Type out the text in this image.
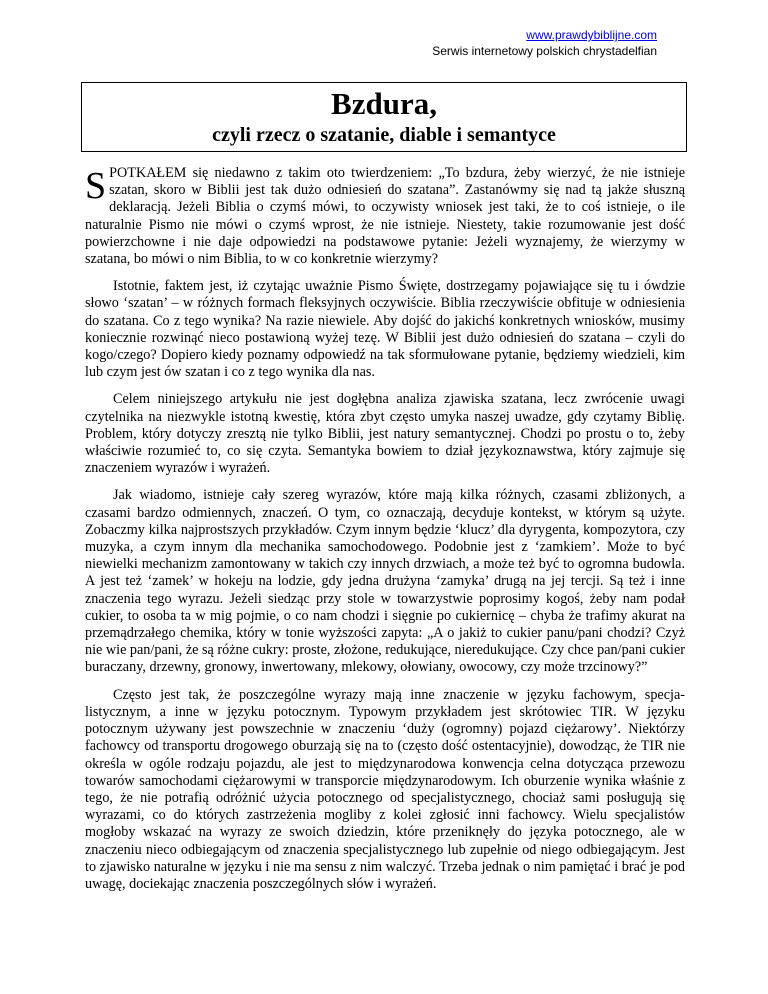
www.prawdybiblijne.com
Serwis internetowy polskich chrystadelfian
Bzdura,
czyli rzecz o szatanie, diable i semantyce

SPOTKAŁEM się niedawno z takim oto twierdzeniem: „To bzdura, żeby wierzyć, że nie istnieje szatan, skoro w Biblii jest tak dużo odniesień do szatana”. Zastanówmy się nad tą jakże słuszną deklaracją. Jeżeli Biblia o czymś mówi, to oczywisty wniosek jest taki, że to coś istnieje, o ile naturalnie Pismo nie mówi o czymś wprost, że nie istnieje. Niestety, takie rozumowanie jest dość powierzchowne i nie daje odpowiedzi na podstawowe pytanie: Jeżeli wyznajemy, że wierzymy w szatana, bo mówi o nim Biblia, to w co konkretnie wierzymy?

Istotnie, faktem jest, iż czytając uważnie Pismo Święte, dostrzegamy pojawiające się tu i ówdzie słowo ‘szatan’ – w różnych formach fleksyjnych oczywiście. Biblia rzeczywiście obfituje w odniesienia do szatana. Co z tego wynika? Na razie niewiele. Aby dojść do jakichś konkretnych wniosków, musimy koniecznie rozwinąć nieco postawioną wyżej tezę. W Biblii jest dużo odniesień do szatana – czyli do kogo/czego? Dopiero kiedy poznamy odpowiedź na tak sformułowane pytanie, będziemy wiedzieli, kim lub czym jest ów szatan i co z tego wynika dla nas.

Celem niniejszego artykułu nie jest dogłębna analiza zjawiska szatana, lecz zwrócenie uwagi czytelnika na niezwykle istotną kwestię, która zbyt często umyka naszej uwadze, gdy czytamy Biblię. Problem, który dotyczy zresztą nie tylko Biblii, jest natury semantycznej. Chodzi po prostu o to, żeby właściwie rozumieć to, co się czyta. Semantyka bowiem to dział językoznawstwa, który zajmuje się znaczeniem wyrazów i wyrażeń.

Jak wiadomo, istnieje cały szereg wyrazów, które mają kilka różnych, czasami zbliżonych, a czasami bardzo odmiennych, znaczeń. O tym, co oznaczają, decyduje kontekst, w którym są użyte. Zobaczmy kilka najprostszych przykładów. Czym innym będzie ‘klucz’ dla dyrygenta, kompozytora, czy muzyka, a czym innym dla mechanika samochodowego. Podobnie jest z ‘zamkiem’. Może to być niewielki mechanizm zamontowany w takich czy innych drzwiach, a może też być to ogromna budowla. A jest też ‘zamek’ w hokeju na lodzie, gdy jedna drużyna ‘zamyka’ drugą na jej tercji. Są też i inne znaczenia tego wyrazu. Jeżeli siedząc przy stole w towarzystwie poprosimy kogoś, żeby nam podał cukier, to osoba ta w mig pojmie, o co nam chodzi i sięgnie po cukiernicę – chyba że trafimy akurat na przemądrzałego chemika, który w tonie wyższości zapyta: „A o jakiż to cukier panu/pani chodzi? Czyż nie wie pan/pani, że są różne cukry: proste, złożone, redukujące, nieredukujące. Czy chce pan/pani cukier buraczany, drzewny, gronowy, inwertowany, mlekowy, ołowiany, owocowy, czy może trzcinowy?”

Często jest tak, że poszczególne wyrazy mają inne znaczenie w języku fachowym, specjalistycznym, a inne w języku potocznym. Typowym przykładem jest skrótowiec TIR. W języku potocznym używany jest powszechnie w znaczeniu ‘duży (ogromny) pojazd ciężarowy’. Niektórzy fachowcy od transportu drogowego oburzają się na to (często dość ostentacyjnie), dowodząc, że TIR nie określa w ogóle rodzaju pojazdu, ale jest to międzynarodowa konwencja celna dotycząca przewozu towarów samochodami ciężarowymi w transporcie międzynarodowym. Ich oburzenie wynika właśnie z tego, że nie potrafią odróżnić użycia potocznego od specjalistycznego, chociaż sami posługują się wyrazami, co do których zastrzeżenia mogliby z kolei zgłosić inni fachowcy. Wielu specjalistów mogłoby wskazać na wyrazy ze swoich dziedzin, które przeniknęły do języka potocznego, ale w znaczeniu nieco odbiegającym od znaczenia specjalistycznego lub zupełnie od niego odbiegającym. Jest to zjawisko naturalne w języku i nie ma sensu z nim walczyć. Trzeba jednak o nim pamiętać i brać je pod uwagę, dociekając znaczenia poszczególnych słów i wyrażeń.
